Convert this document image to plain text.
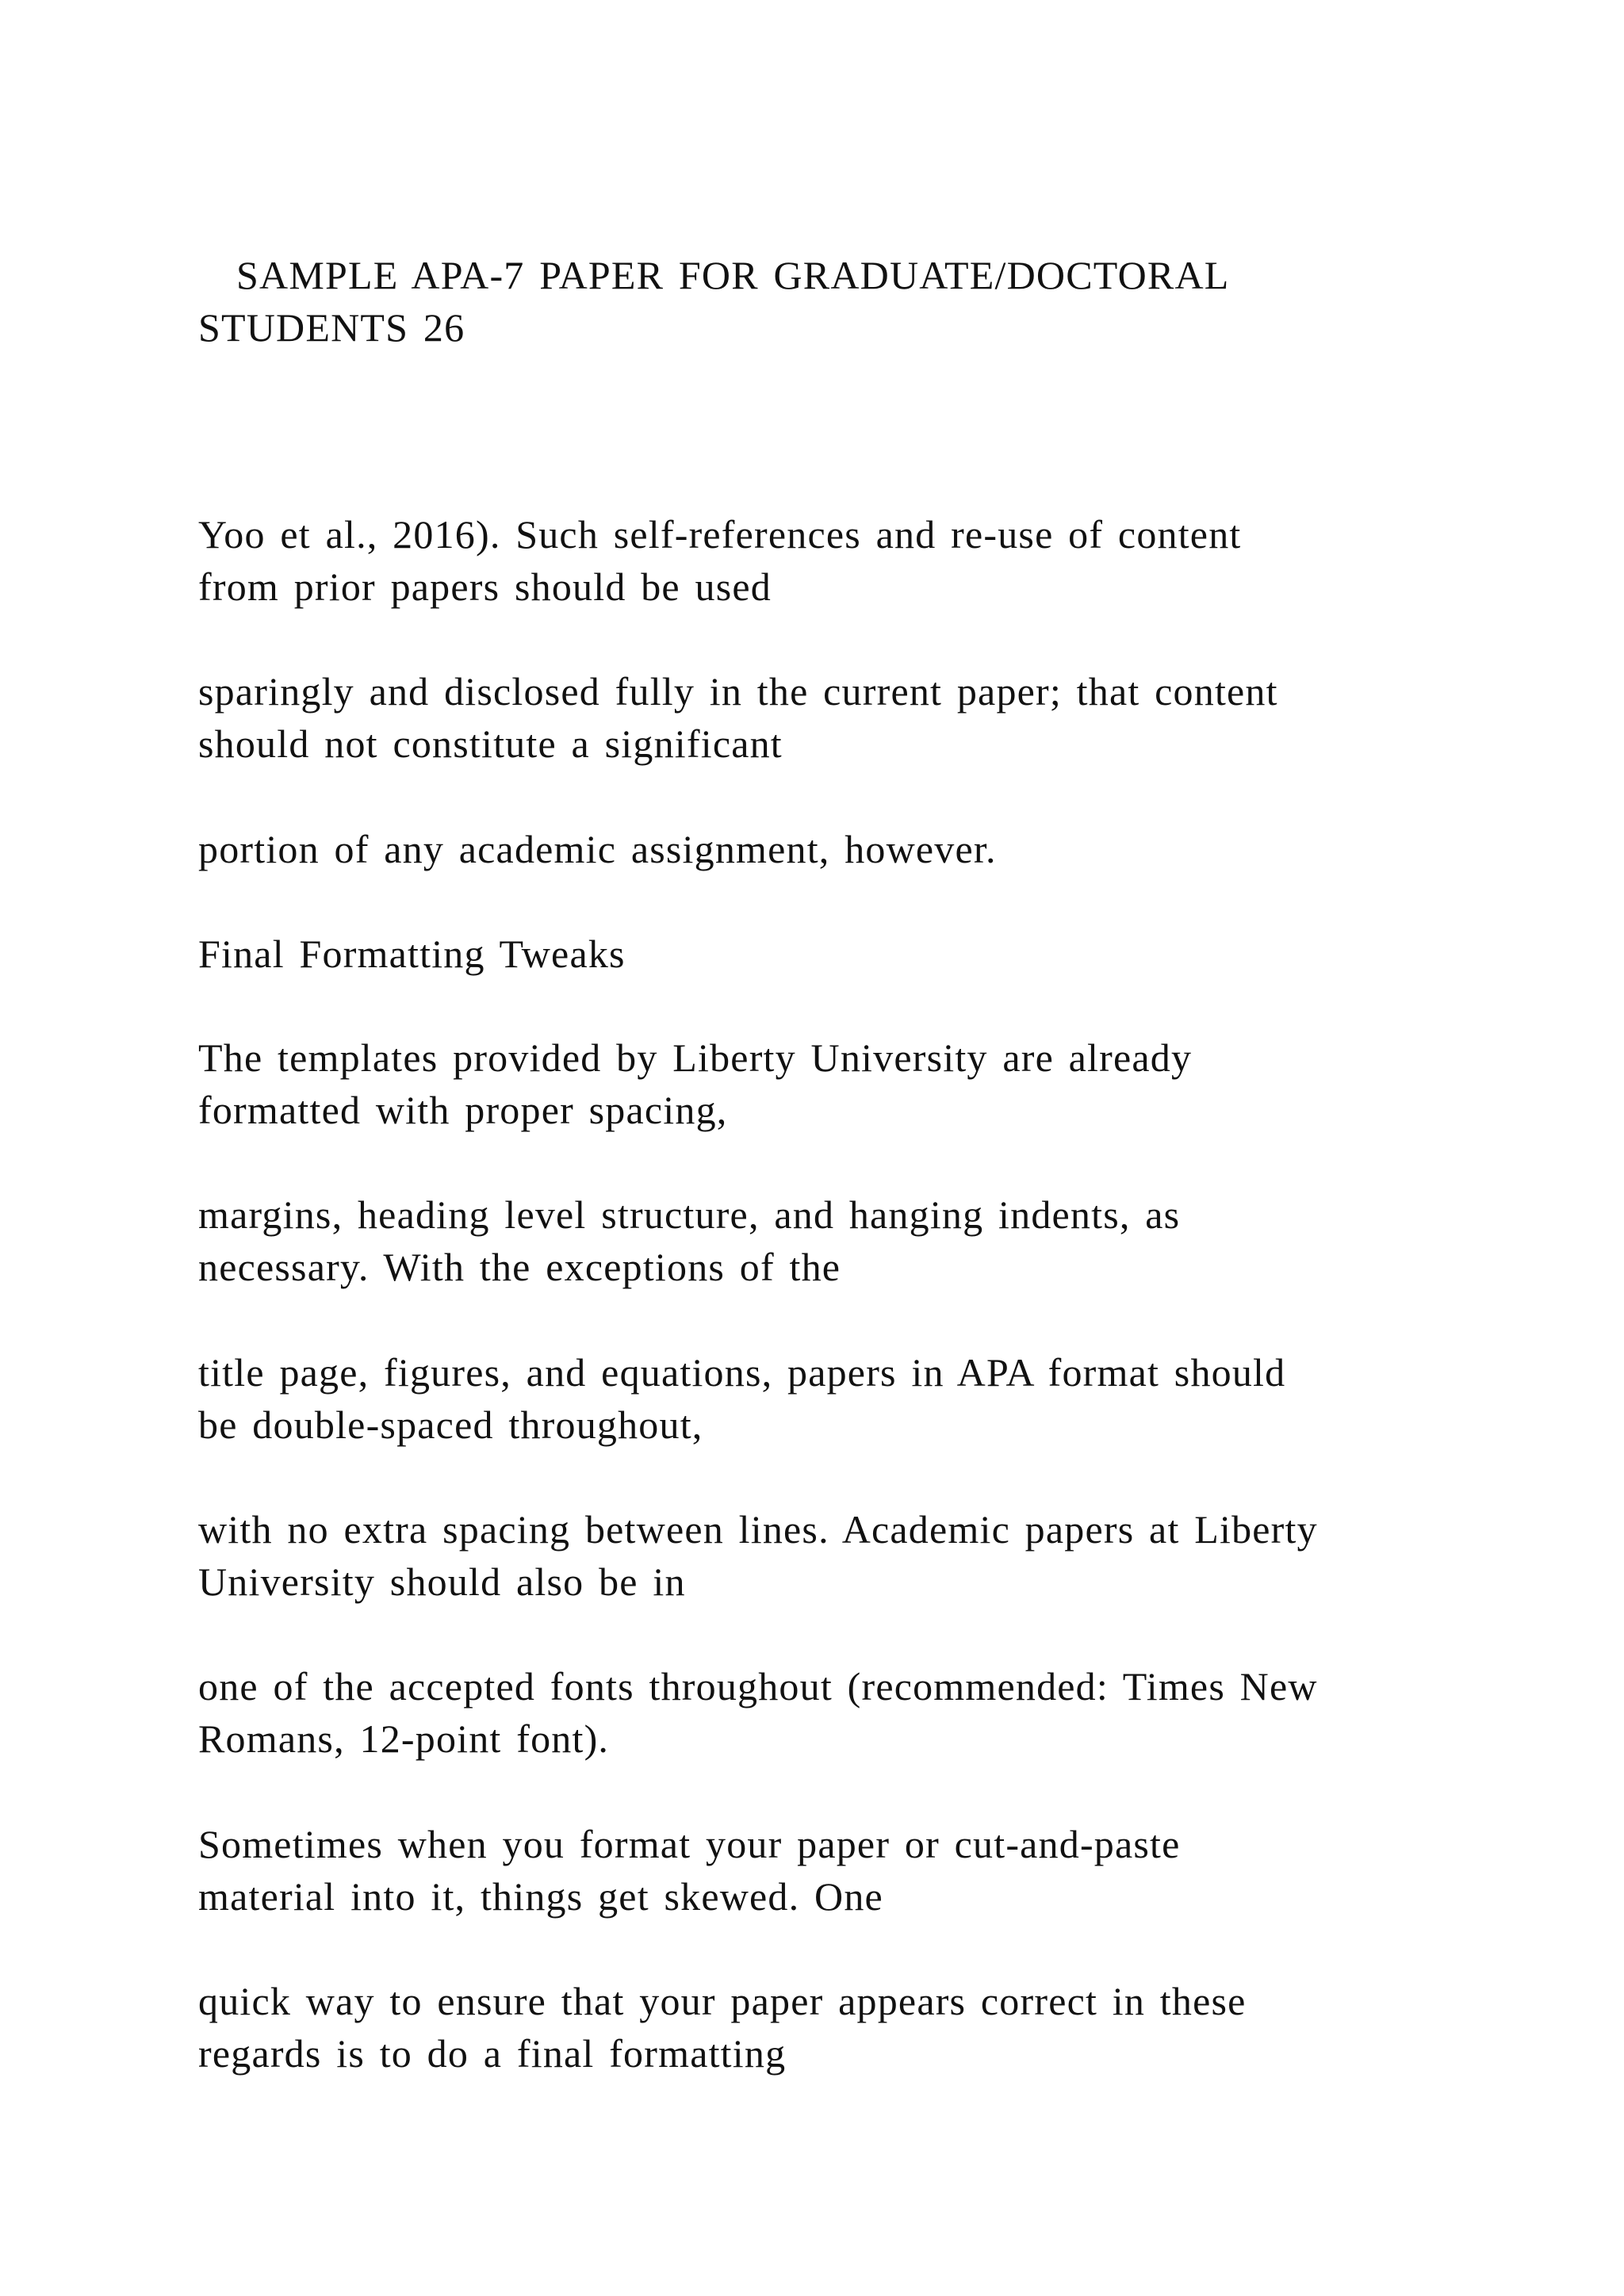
SAMPLE APA-7 PAPER FOR GRADUATE/DOCTORAL
STUDENTS 26
Yoo et al., 2016). Such self-references and re-use of content
from prior papers should be used
sparingly and disclosed fully in the current paper; that content
should not constitute a significant
portion of any academic assignment, however.
Final Formatting Tweaks
The templates provided by Liberty University are already
formatted with proper spacing,
margins, heading level structure, and hanging indents, as
necessary. With the exceptions of the
title page, figures, and equations, papers in APA format should
be double-spaced throughout,
with no extra spacing between lines. Academic papers at Liberty
University should also be in
one of the accepted fonts throughout (recommended: Times New
Romans, 12-point font).
Sometimes when you format your paper or cut-and-paste
material into it, things get skewed. One
quick way to ensure that your paper appears correct in these
regards is to do a final formatting
